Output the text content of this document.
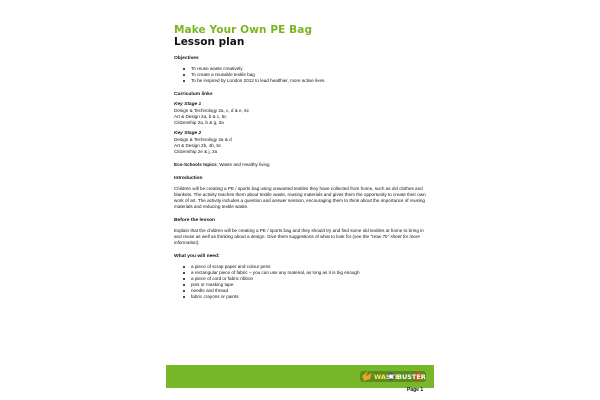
Make Your Own PE Bag
Lesson plan
Objectives
To reuse waste creatively
To create a reusable textile bag
To be inspired by London 2012 to lead healthier, more active lives.
Curriculum links
Key Stage 1
Design & Technology 2a, c, d & e, 5c
Art & Design 2a, b & c, 5c
Citizenship 2a, b & g, 3a
Key Stage 2
Design & Technology 2a & d
Art & Design 2b, 4b, 5c
Citizenship 2e & j, 3a
Eco-Schools topics: Waste and Healthy living
Introduction
Children will be creating a PE / sports bag using unwanted textiles they have collected from home, such as old clothes and blankets. The activity teaches them about textile waste, reusing materials and gives them the opportunity to create their own work of art. The activity includes a question and answer session, encouraging them to think about the importance of reusing materials and reducing textile waste.
Before the lesson
Explain that the children will be creating a PE / sports bag and they should try and find some old textiles at home to bring in and reuse as well as thinking about a design. Give them suggestions of what to look for (see the "How To" sheet for more information).
What you will need:
a piece of scrap paper and colour pens
a rectangular piece of fabric – you can use any material, as long as it is big enough
a piece of cord or fabric ribbon
pins or masking tape
needle and thread
fabric crayons or paints
WASTE
BUSTER
Page 1
